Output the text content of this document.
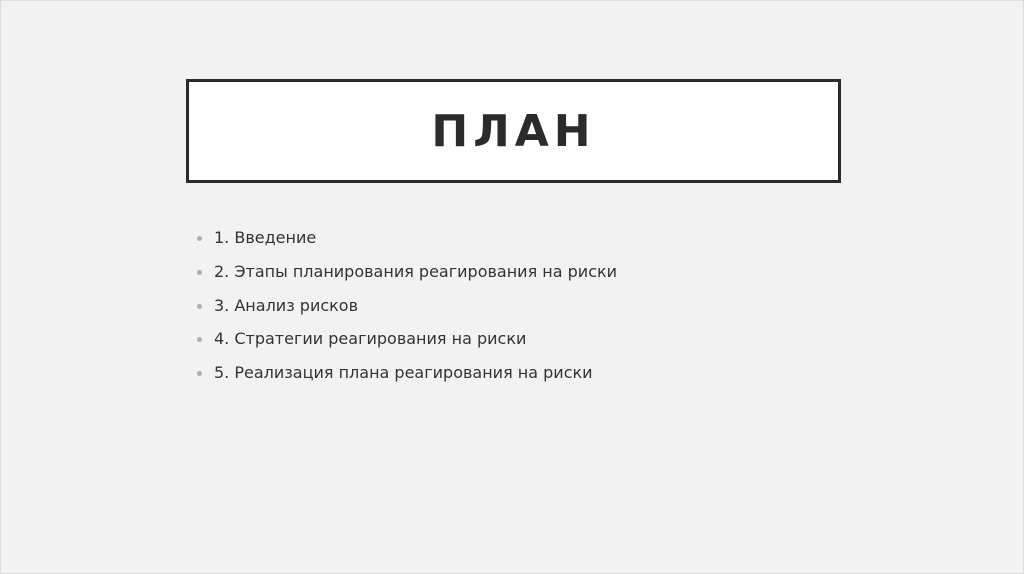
ПЛАН
1. Введение
2. Этапы планирования реагирования на риски
3. Анализ рисков
4. Стратегии реагирования на риски
5. Реализация плана реагирования на риски
